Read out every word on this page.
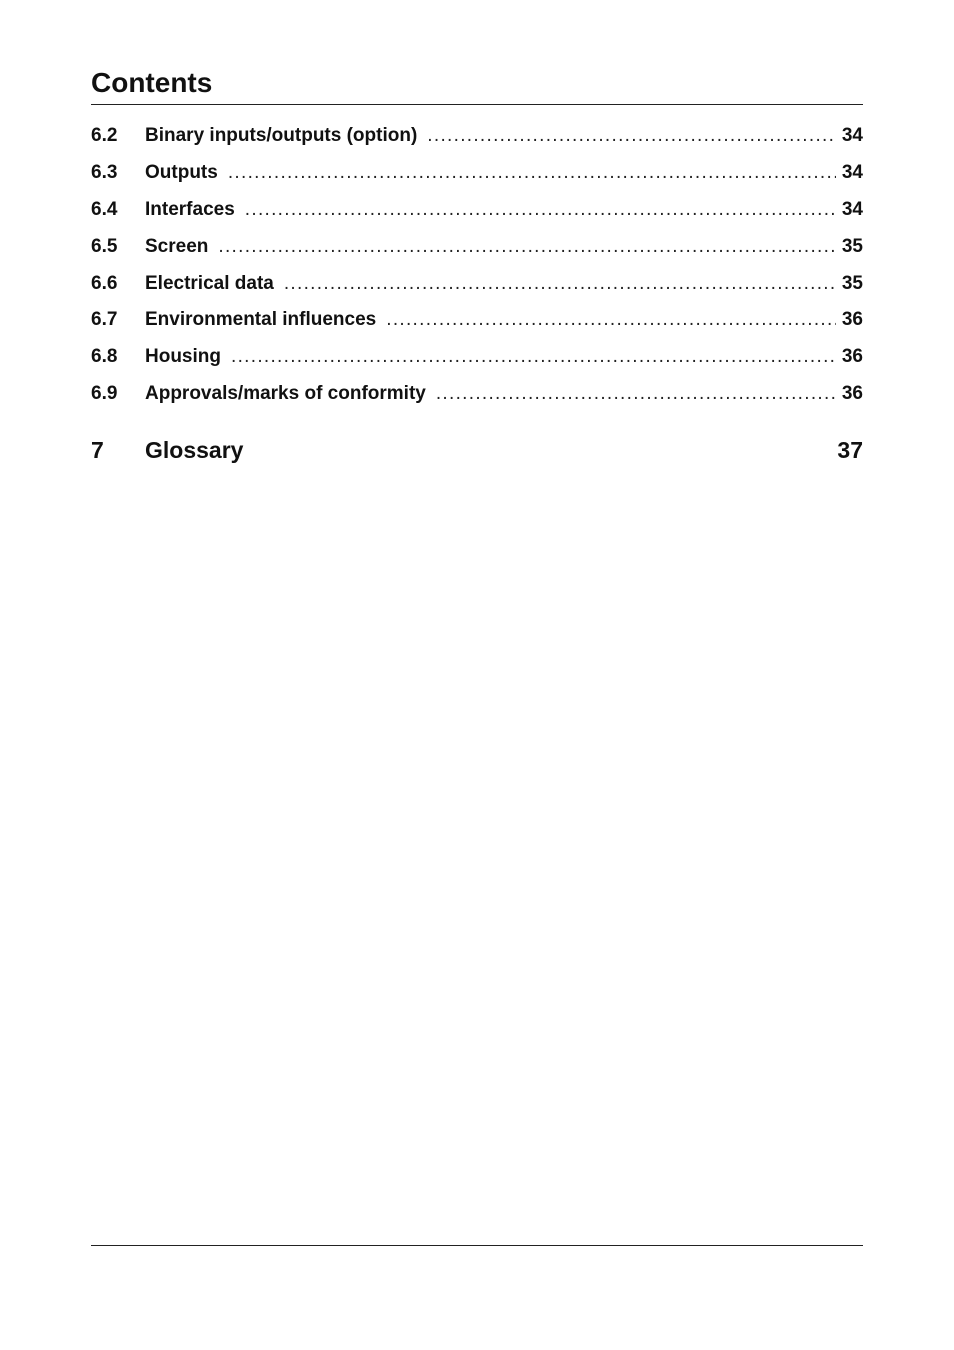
Contents
6.2	Binary inputs/outputs (option) .....	34
6.3	Outputs .....	34
6.4	Interfaces .....	34
6.5	Screen .....	35
6.6	Electrical data .....	35
6.7	Environmental influences .....	36
6.8	Housing .....	36
6.9	Approvals/marks of conformity .....	36
7	Glossary	37
